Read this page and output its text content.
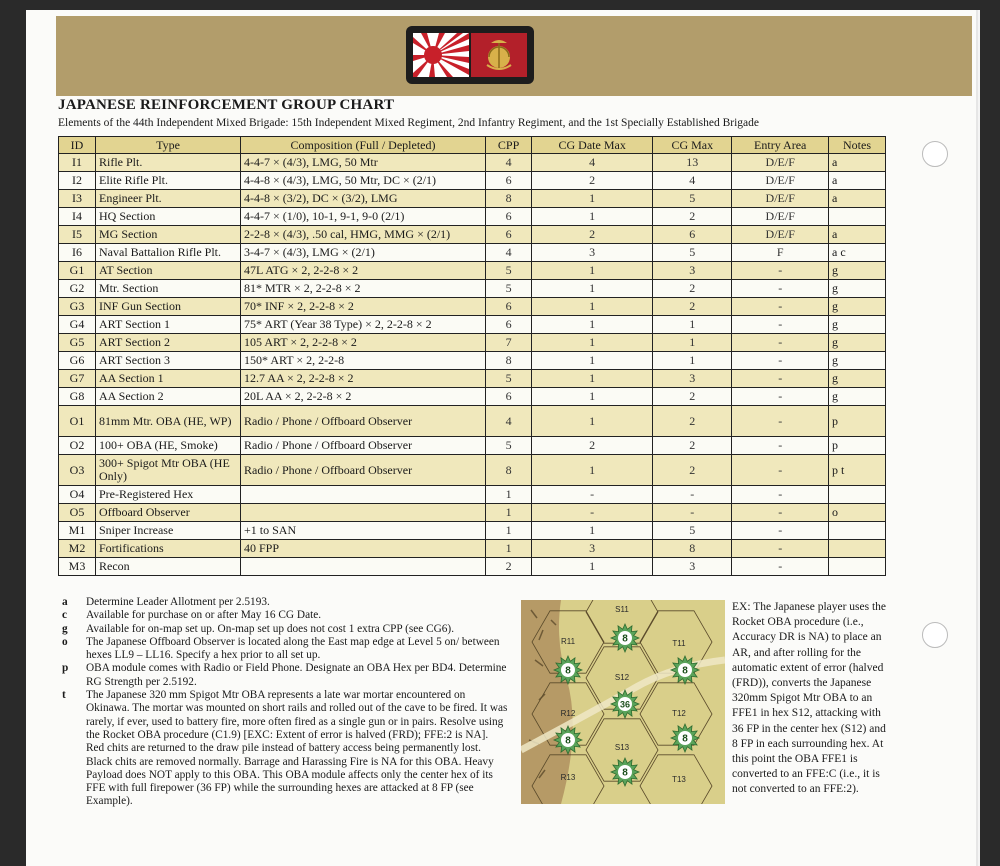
JAPANESE REINFORCEMENT GROUP CHART
Elements of the 44th Independent Mixed Brigade: 15th Independent Mixed Regiment, 2nd Infantry Regiment, and the 1st Specially Established Brigade
ID	Type	Composition (Full / Depleted)	CPP	CG Date Max	CG Max	Entry Area	Notes
I1	Rifle Plt.	4-4-7 × (4/3), LMG, 50 Mtr	4	4	13	D/E/F	a
I2	Elite Rifle Plt.	4-4-8 × (4/3), LMG, 50 Mtr, DC × (2/1)	6	2	4	D/E/F	a
I3	Engineer Plt.	4-4-8 × (3/2), DC × (3/2), LMG	8	1	5	D/E/F	a
I4	HQ Section	4-4-7 × (1/0), 10-1, 9-1, 9-0 (2/1)	6	1	2	D/E/F	
I5	MG Section	2-2-8 × (4/3), .50 cal, HMG, MMG × (2/1)	6	2	6	D/E/F	a
I6	Naval Battalion Rifle Plt.	3-4-7 × (4/3), LMG × (2/1)	4	3	5	F	a c
G1	AT Section	47L ATG × 2, 2-2-8 × 2	5	1	3	-	g
G2	Mtr. Section	81* MTR × 2, 2-2-8 × 2	5	1	2	-	g
G3	INF Gun Section	70* INF × 2, 2-2-8 × 2	6	1	2	-	g
G4	ART Section 1	75* ART (Year 38 Type) × 2, 2-2-8 × 2	6	1	1	-	g
G5	ART Section 2	105 ART × 2, 2-2-8 × 2	7	1	1	-	g
G6	ART Section 3	150* ART × 2, 2-2-8	8	1	1	-	g
G7	AA Section 1	12.7 AA × 2, 2-2-8 × 2	5	1	3	-	g
G8	AA Section 2	20L AA × 2, 2-2-8 × 2	6	1	2	-	g
O1	81mm Mtr. OBA (HE, WP)	Radio / Phone / Offboard Observer	4	1	2	-	p
O2	100+ OBA (HE, Smoke)	Radio / Phone / Offboard Observer	5	2	2	-	p
O3	300+ Spigot Mtr OBA (HE Only)	Radio / Phone / Offboard Observer	8	1	2	-	p t
O4	Pre-Registered Hex		1	-	-	-	
O5	Offboard Observer		1	-	-	-	o
M1	Sniper Increase	+1 to SAN	1	1	5	-	
M2	Fortifications	40 FPP	1	3	8	-	
M3	Recon		2	1	3	-	
a	Determine Leader Allotment per 2.5193.
c	Available for purchase on or after May 16 CG Date.
g	Available for on-map set up. On-map set up does not cost 1 extra CPP (see CG6).
o	The Japanese Offboard Observer is located along the East map edge at Level 5 on/ between hexes LL9 – LL16. Specify a hex prior to all set up.
p	OBA module comes with Radio or Field Phone. Designate an OBA Hex per BD4. Determine RG Strength per 2.5192.
t	The Japanese 320 mm Spigot Mtr OBA represents a late war mortar encountered on Okinawa. The mortar was mounted on short rails and rolled out of the cave to be fired. It was rarely, if ever, used to battery fire, more often fired as a single gun or in pairs. Resolve using the Rocket OBA procedure (C1.9) [EXC: Extent of error is halved (FRD); FFE:2 is NA]. Red chits are returned to the draw pile instead of battery access being permanently lost. Black chits are removed normally. Barrage and Harassing Fire is NA for this OBA. Heavy Payload does NOT apply to this OBA. This OBA module affects only the center hex of its FFE with full firepower (36 FP) while the surrounding hexes are attacked at 8 FP (see Example).
8
8	8
36
8	8
8
S11
R11	T11
S12
R12	T12
S13
R13	T13
EX: The Japanese player uses the Rocket OBA procedure (i.e., Accuracy DR is NA) to place an AR, and after rolling for the automatic extent of error (halved (FRD)), converts the Japanese 320mm Spigot Mtr OBA to an FFE1 in hex S12, attacking with 36 FP in the center hex (S12) and 8 FP in each surrounding hex. At this point the OBA FFE1 is converted to an FFE:C (i.e., it is not converted to an FFE:2).
